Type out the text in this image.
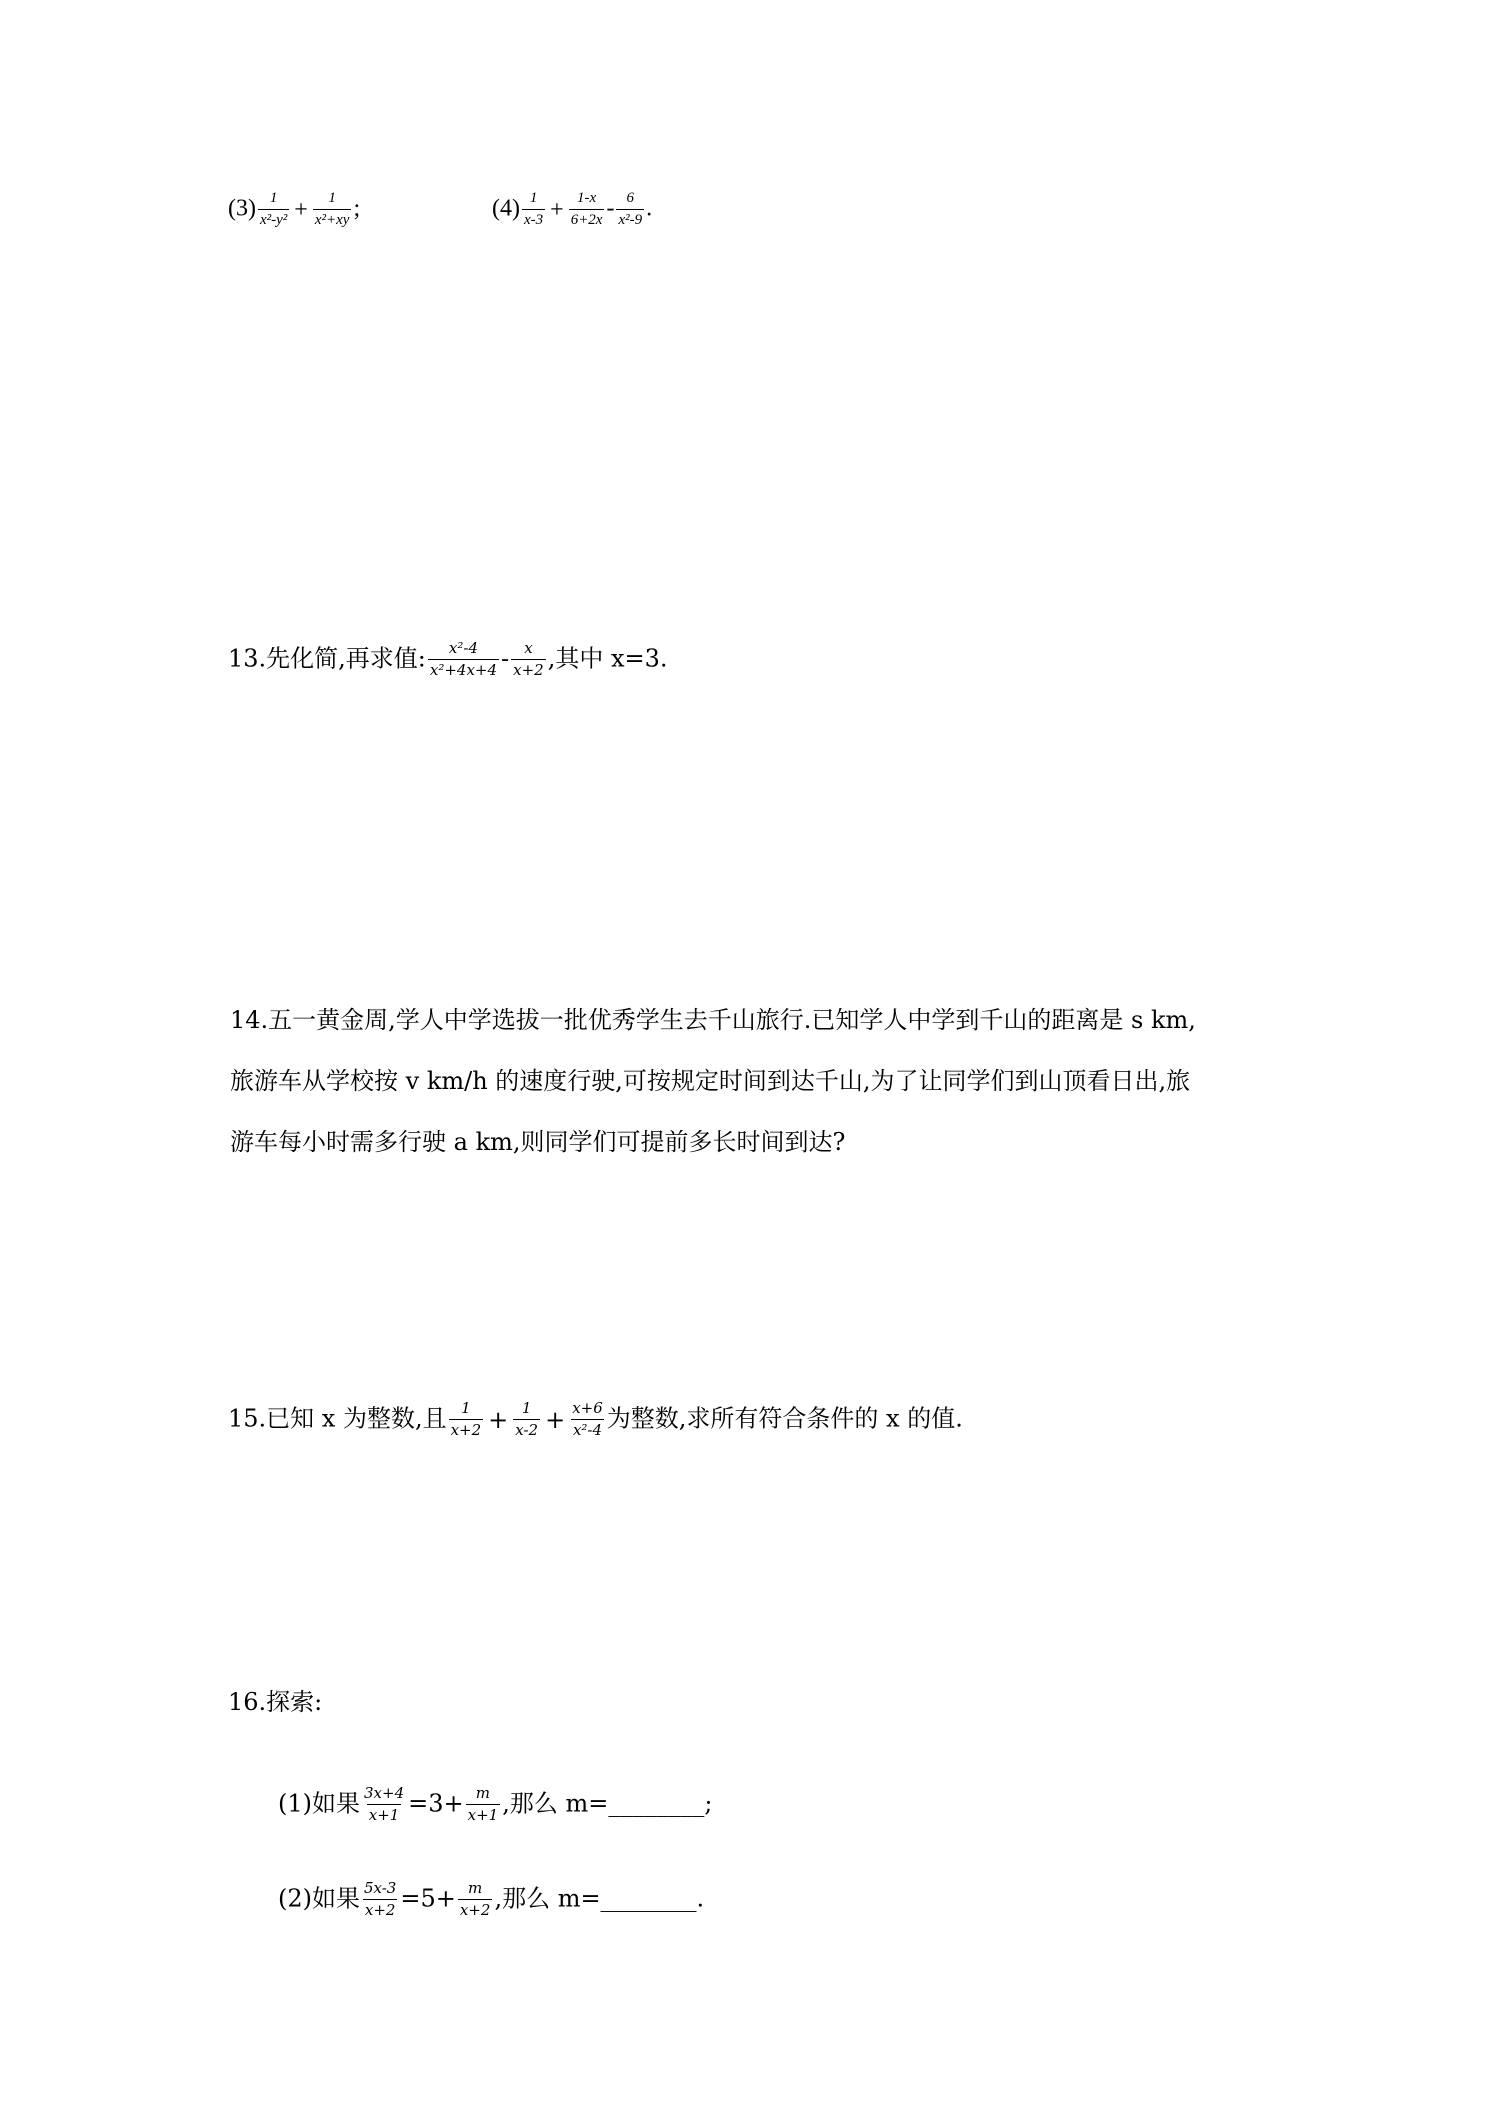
$(3) \frac{1}{\text{x²-y²}} + \frac{1}{\text{x²+xy}}$ ;	$(4) \frac{1}{x-3} + \frac{1-x}{6+2x} - \frac{6}{\text{x²-9}}$ .
13.先化简,再求值: $\frac{\text{x²-4}}{\text{x²+4x+4}} - \frac{x}{x+2}$ ,其中 x=3.
14.五一黄金周,学人中学选拔一批优秀学生去千山旅行.已知学人中学到千山的距离是 s km,
旅游车从学校按 v km/h 的速度行驶,可按规定时间到达千山,为了让同学们到山顶看日出,旅
游车每小时需多行驶 a km,则同学们可提前多长时间到达?
15.已知 x 为整数,且 $\frac{1}{x+2} + \frac{1}{x-2} + \frac{x+6}{\text{x²-4}}$ 为整数,求所有符合条件的 x 的值.
16.探索:
(1)如果 $\frac{3x+4}{x+1} =3+ \frac{m}{x+1}$ ,那么 m=________;
(2)如果 $\frac{5x-3}{x+2} =5+ \frac{m}{x+2}$ ,那么 m=________.
